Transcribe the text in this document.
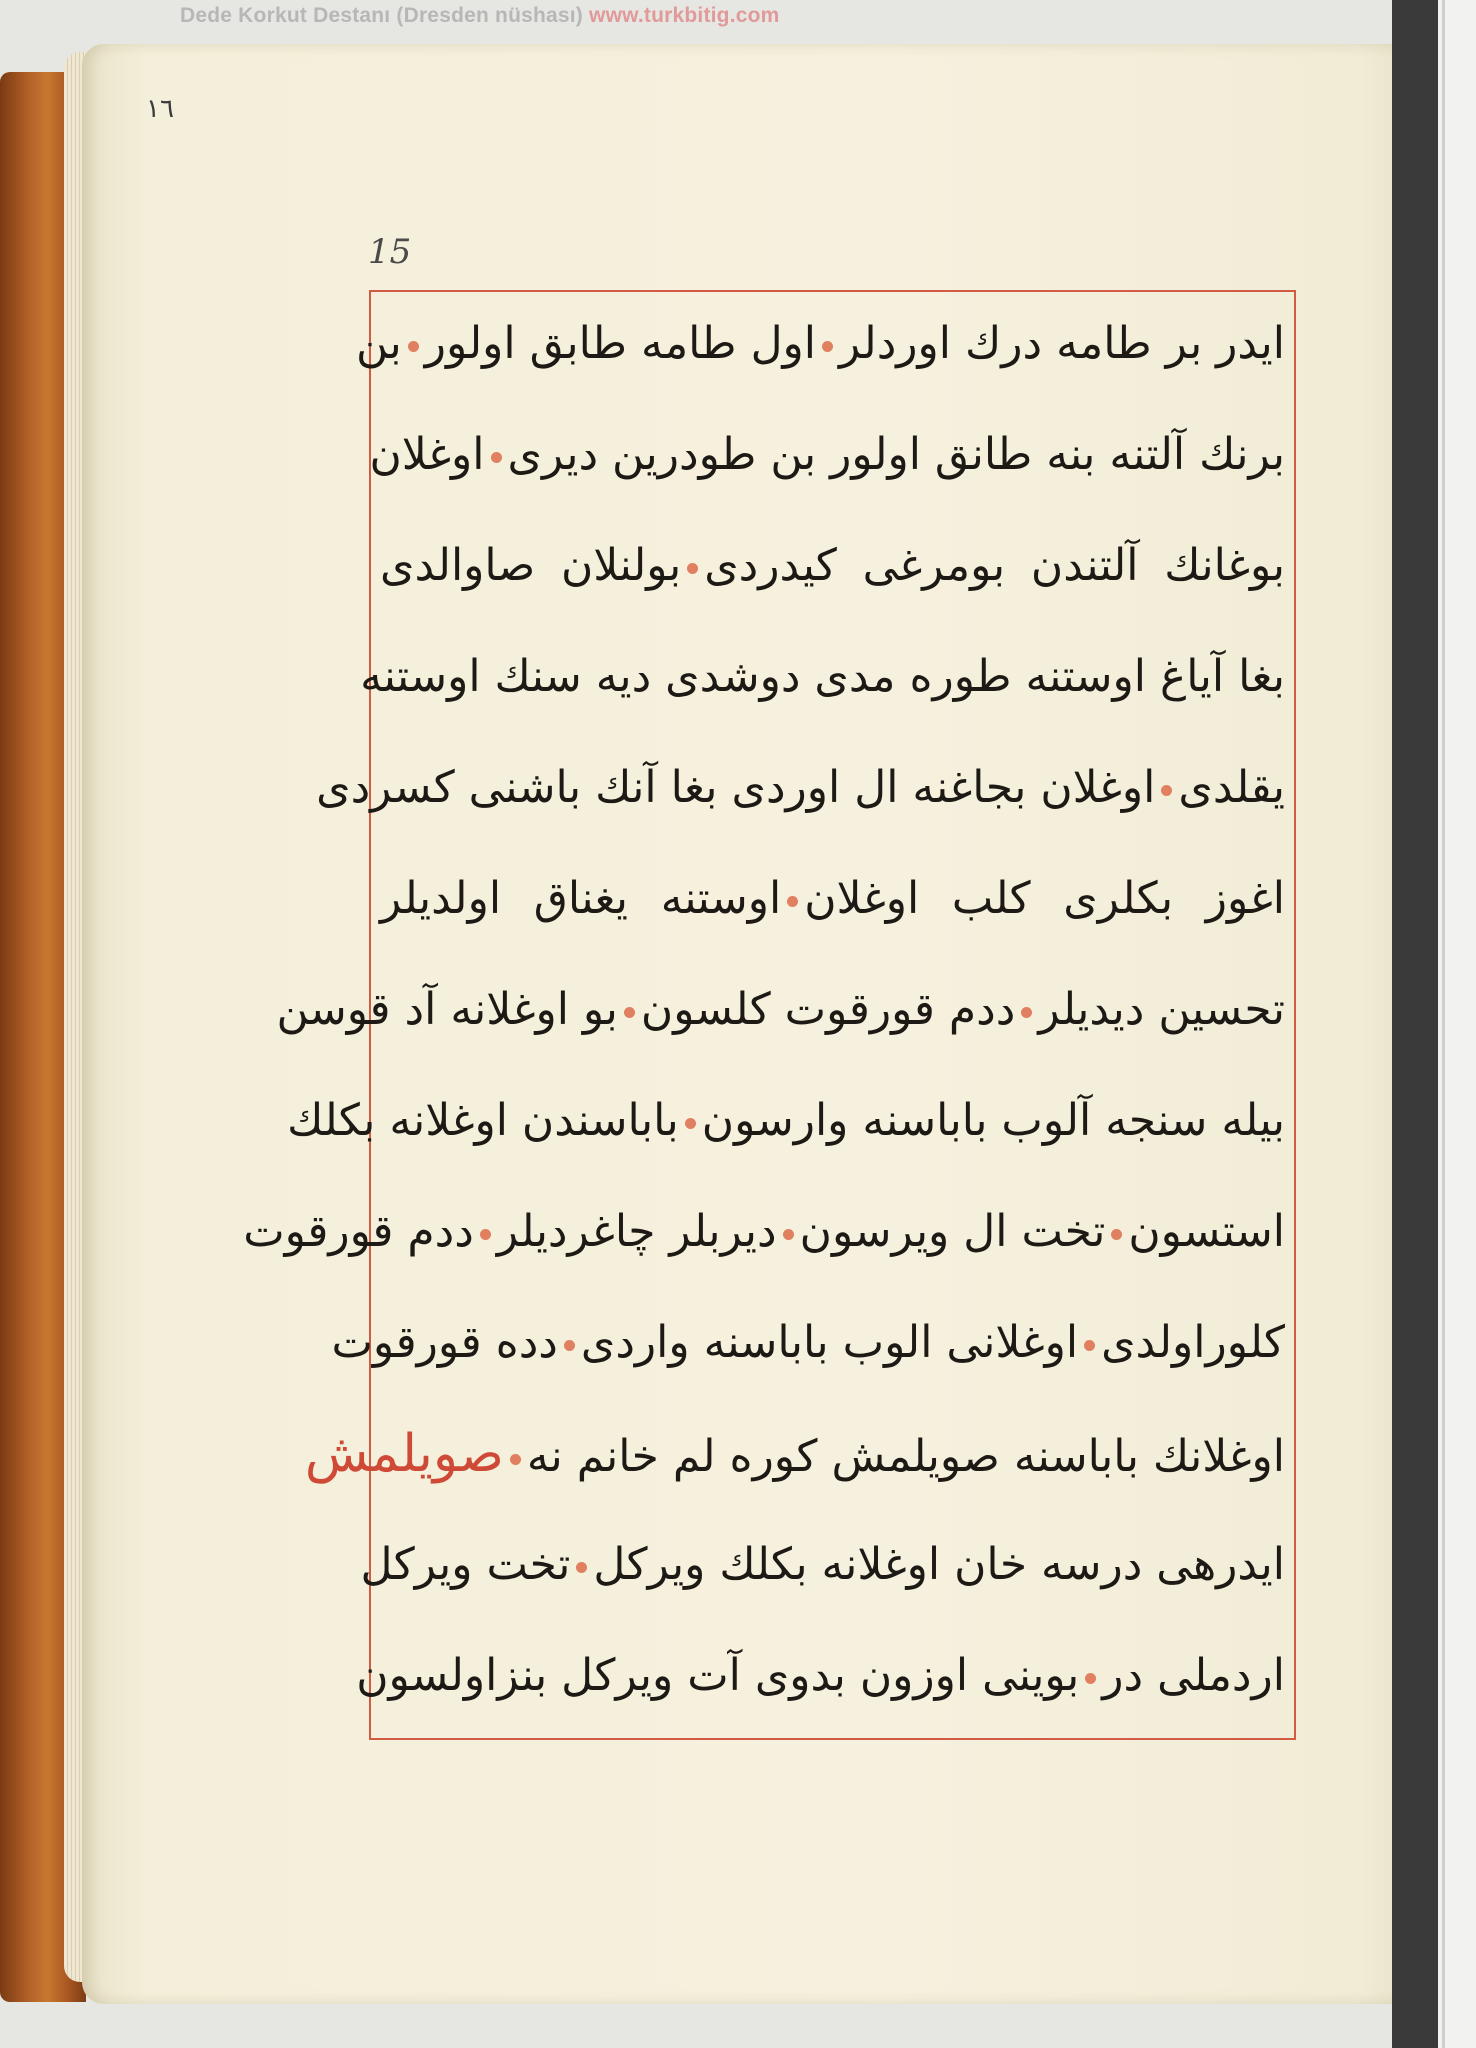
Dede Korkut Destanı (Dresden nüshası) www.turkbitig.com
١٦
15
ایدر بر طامه درك اوردلراول طامه طابق اولوربن
برنك آلتنه بنه طانق اولور بن طودرین دیریاوغلان
بوغانك آلتندن بومرغی كیدردیبولنلان صاوالدی
بغا آیاغ اوستنه طوره مدی دوشدی دیه سنك اوستنه
یقلدیاوغلان بجاغنه ال اوردی بغا آنك باشنی كسردی
اغوز بكلری كلب اوغلاناوستنه یغناق اولدیلر
تحسین دیدیلرددم قورقوت كلسونبو اوغلانه آد قوسن
بیله سنجه آلوب باباسنه وارسونباباسندن اوغلانه بكلك
استسونتخت ال ویرسوندیربلر چاغردیلرددم قورقوت
كلوراولدیاوغلانی الوب باباسنه واردیدده قورقوت
اوغلانك باباسنه صویلمش كوره لم خانم نهصویلمش
ایدرهی درسه خان اوغلانه بكلك ویركلتخت ویركل
اردملی دربوینی اوزون بدوی آت ویركل بنزاولسون
